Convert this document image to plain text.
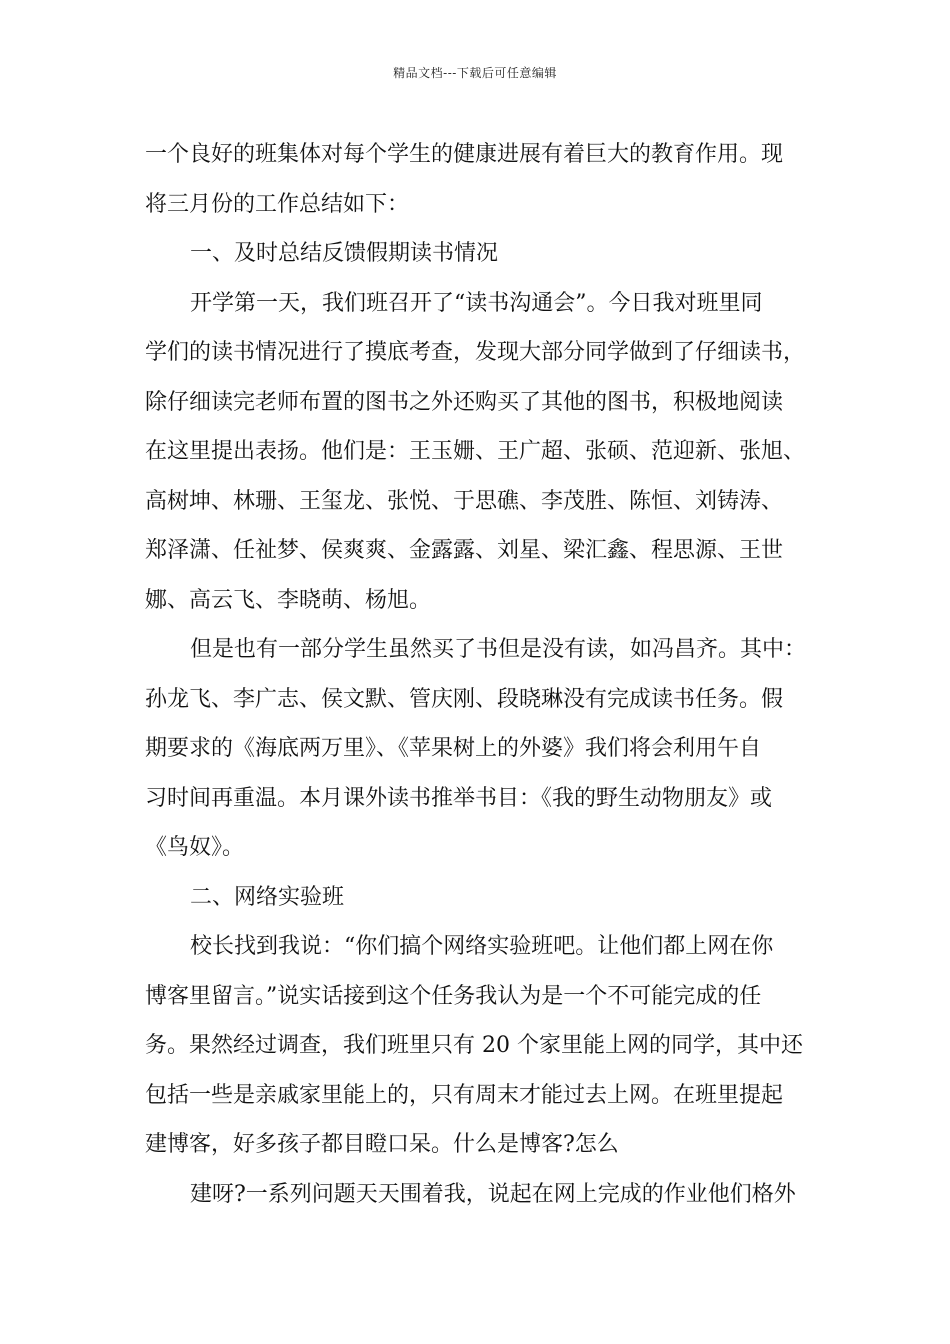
精品文档---下载后可任意编辑
一个良好的班集体对每个学生的健康进展有着巨大的教育作用。现
将三月份的工作总结如下：
一、及时总结反馈假期读书情况
开学第一天，我们班召开了“读书沟通会”。今日我对班里同
学们的读书情况进行了摸底考查，发现大部分同学做到了仔细读书，
除仔细读完老师布置的图书之外还购买了其他的图书，积极地阅读
在这里提出表扬。他们是：王玉姗、王广超、张硕、范迎新、张旭、
高树坤、林珊、王玺龙、张悦、于思礁、李茂胜、陈恒、刘铸涛、
郑泽潇、任祉梦、侯爽爽、金露露、刘星、梁汇鑫、程思源、王世
娜、高云飞、李晓萌、杨旭。
但是也有一部分学生虽然买了书但是没有读，如冯昌齐。其中：
孙龙飞、李广志、侯文默、管庆刚、段晓琳没有完成读书任务。假
期要求的《海底两万里》、《苹果树上的外婆》我们将会利用午自
习时间再重温。本月课外读书推举书目：《我的野生动物朋友》或
《鸟奴》。
二、网络实验班
校长找到我说：“你们搞个网络实验班吧。让他们都上网在你
博客里留言。”说实话接到这个任务我认为是一个不可能完成的任
务。果然经过调查，我们班里只有 20 个家里能上网的同学，其中还
包括一些是亲戚家里能上的，只有周末才能过去上网。在班里提起
建博客，好多孩子都目瞪口呆。什么是博客?怎么
建呀?一系列问题天天围着我，说起在网上完成的作业他们格外
